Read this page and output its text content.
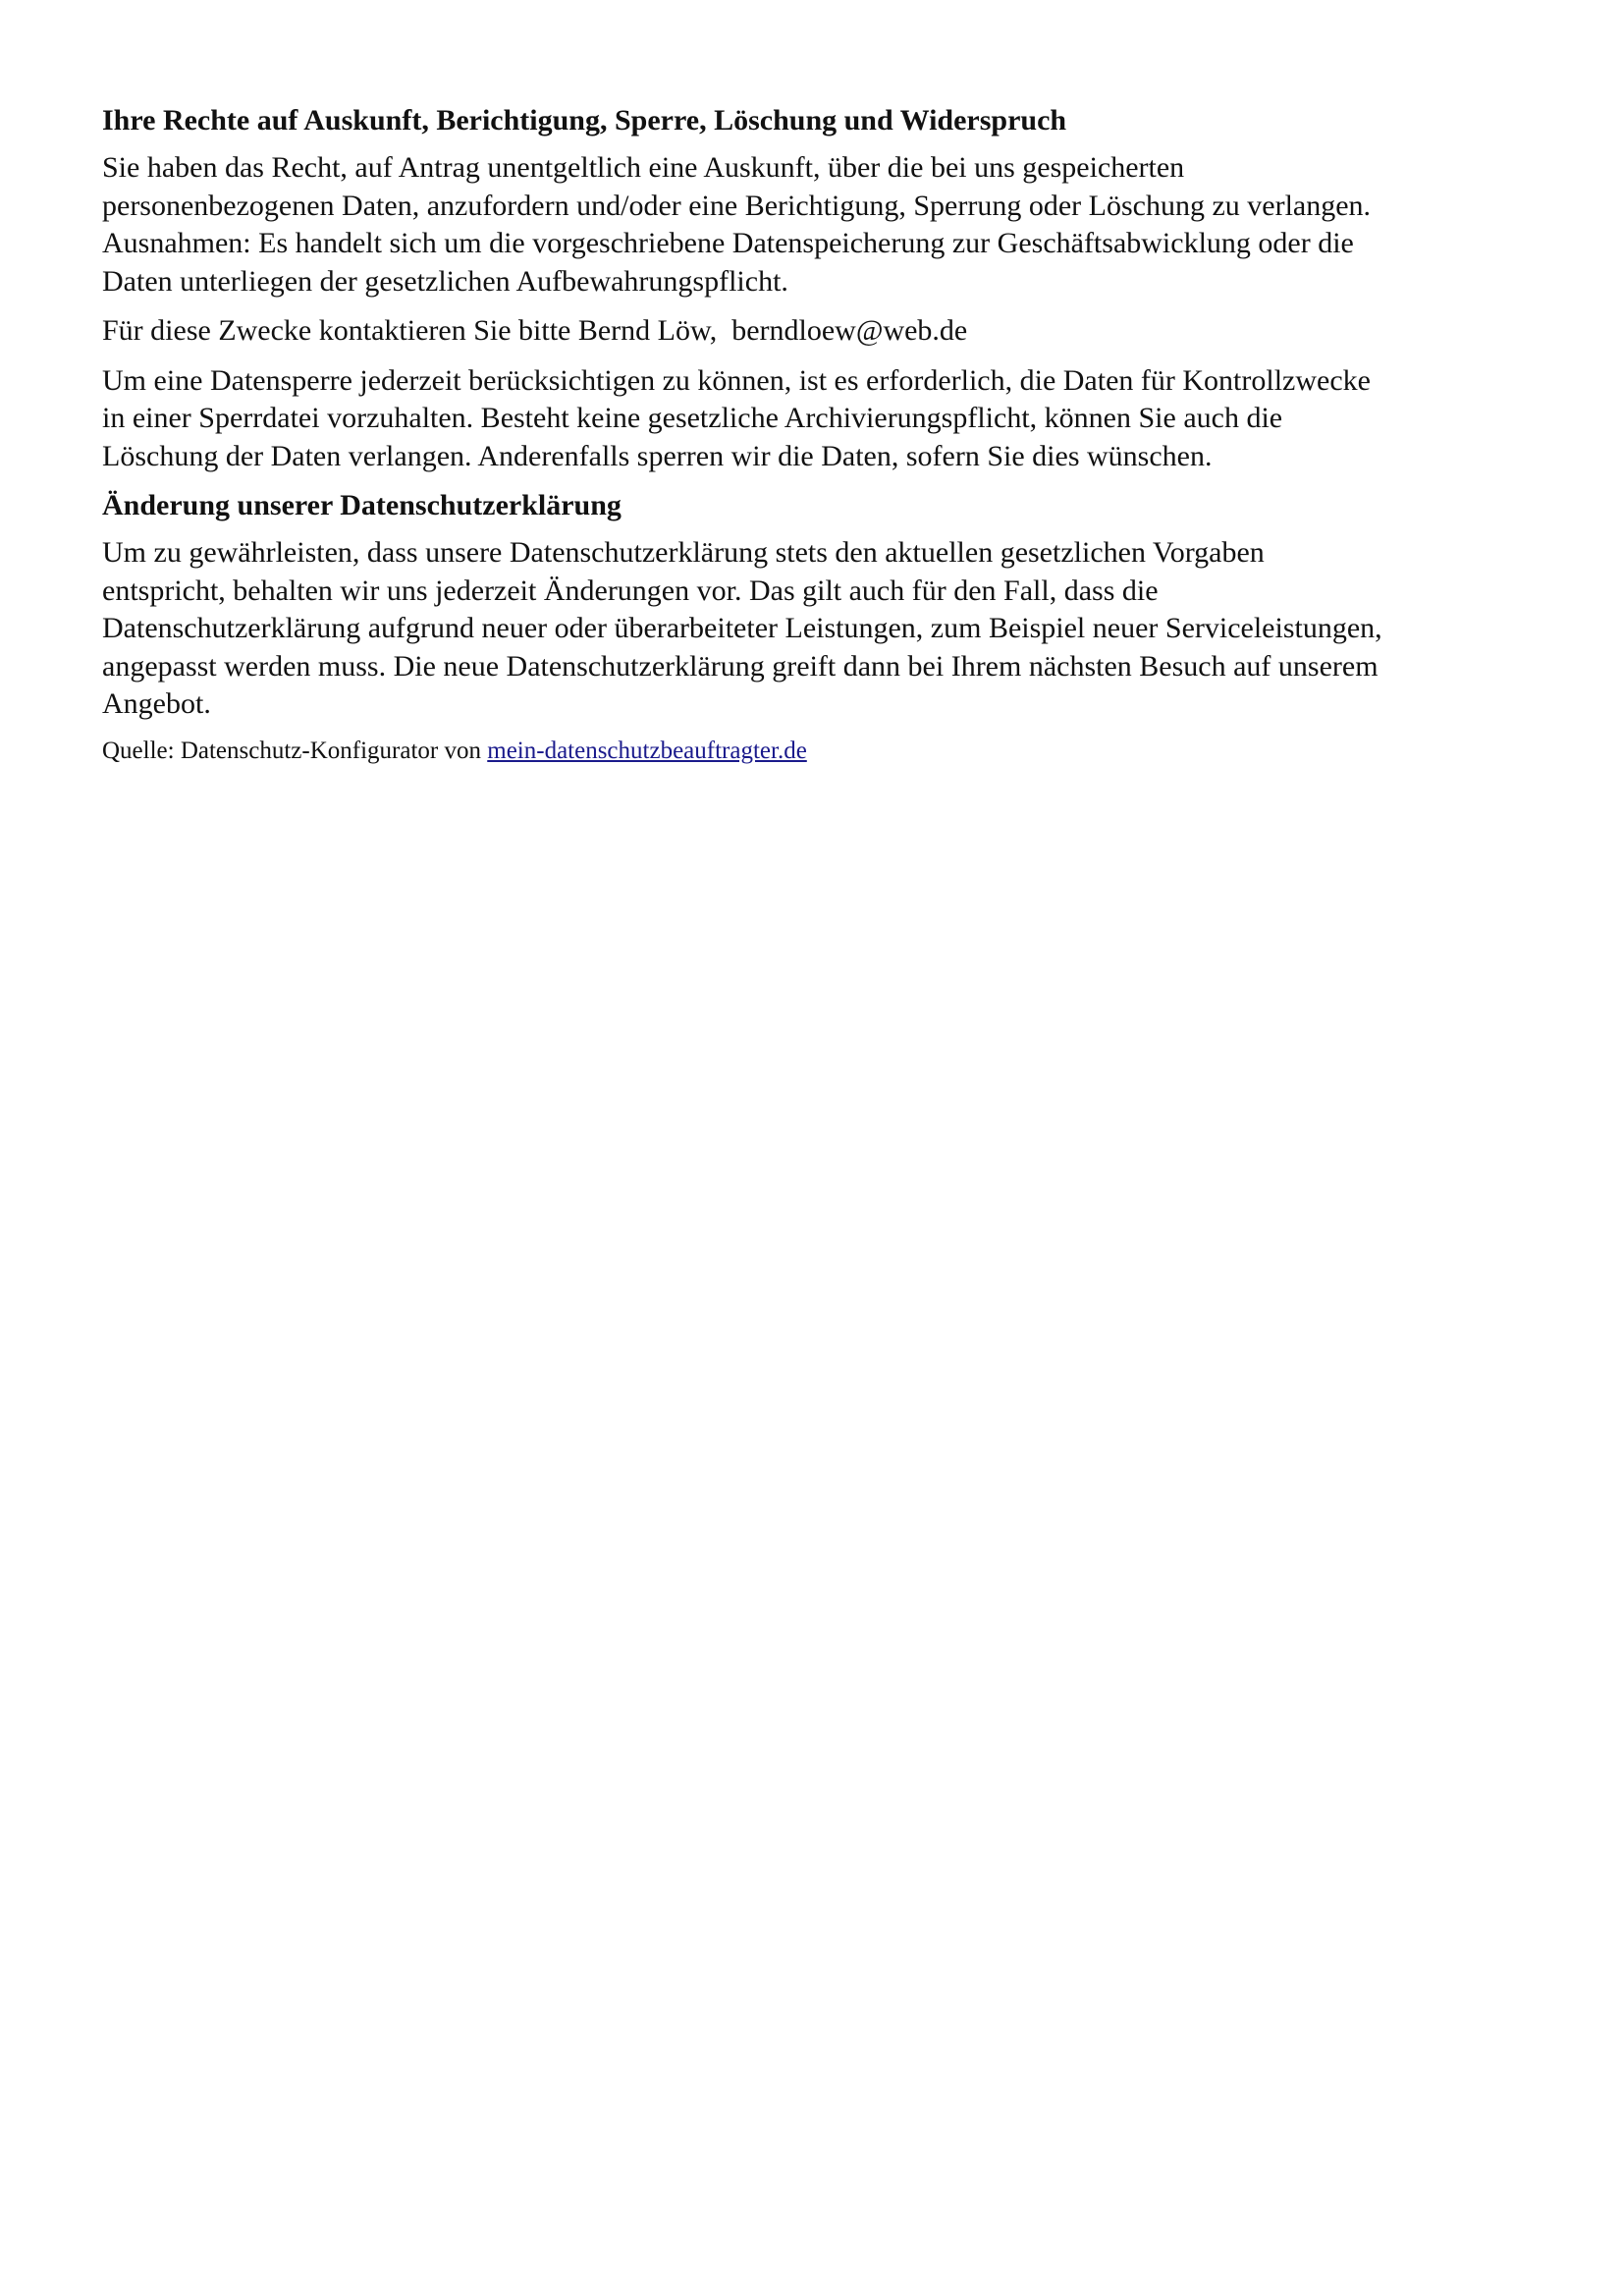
Ihre Rechte auf Auskunft, Berichtigung, Sperre, Löschung und Widerspruch

Sie haben das Recht, auf Antrag unentgeltlich eine Auskunft, über die bei uns gespeicherten
personenbezogenen Daten, anzufordern und/oder eine Berichtigung, Sperrung oder Löschung zu verlangen.
Ausnahmen: Es handelt sich um die vorgeschriebene Datenspeicherung zur Geschäftsabwicklung oder die
Daten unterliegen der gesetzlichen Aufbewahrungspflicht.

Für diese Zwecke kontaktieren Sie bitte Bernd Löw,  berndloew@web.de

Um eine Datensperre jederzeit berücksichtigen zu können, ist es erforderlich, die Daten für Kontrollzwecke
in einer Sperrdatei vorzuhalten. Besteht keine gesetzliche Archivierungspflicht, können Sie auch die
Löschung der Daten verlangen. Anderenfalls sperren wir die Daten, sofern Sie dies wünschen.

Änderung unserer Datenschutzerklärung

Um zu gewährleisten, dass unsere Datenschutzerklärung stets den aktuellen gesetzlichen Vorgaben
entspricht, behalten wir uns jederzeit Änderungen vor. Das gilt auch für den Fall, dass die
Datenschutzerklärung aufgrund neuer oder überarbeiteter Leistungen, zum Beispiel neuer Serviceleistungen,
angepasst werden muss. Die neue Datenschutzerklärung greift dann bei Ihrem nächsten Besuch auf unserem
Angebot.

Quelle: Datenschutz-Konfigurator von mein-datenschutzbeauftragter.de
